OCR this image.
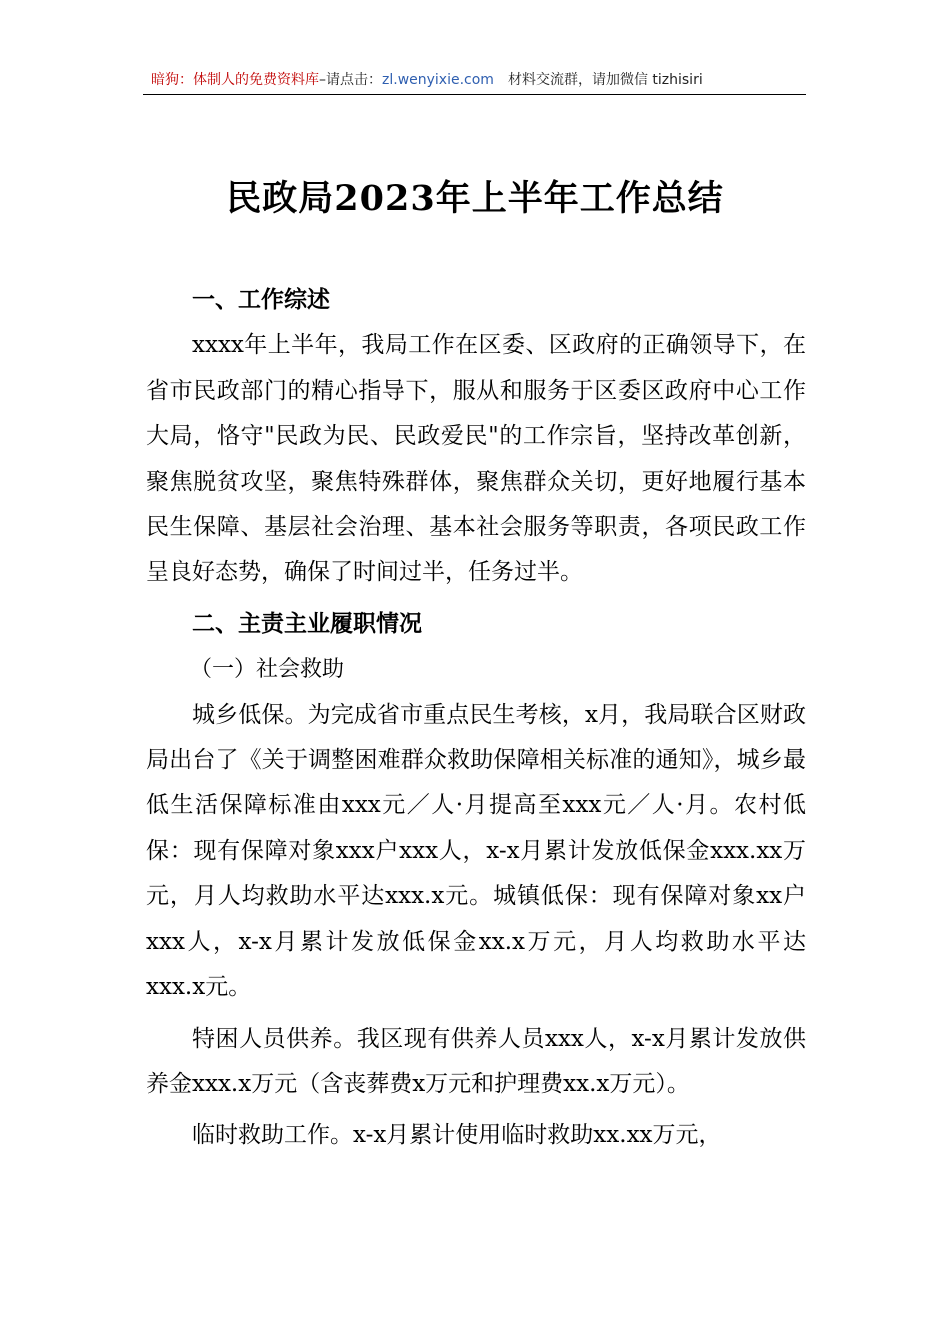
暗狗：体制人的免费资料库–请点击：zl.wenyixie.com 材料交流群，请加微信 tizhisiri
民政局2023年上半年工作总结
一、工作综述

xxxx年上半年，我局工作在区委、区政府的正确领导下，在省市民政部门的精心指导下，服从和服务于区委区政府中心工作大局，恪守"民政为民、民政爱民"的工作宗旨，坚持改革创新，聚焦脱贫攻坚，聚焦特殊群体，聚焦群众关切，更好地履行基本民生保障、基层社会治理、基本社会服务等职责，各项民政工作呈良好态势，确保了时间过半，任务过半。

二、主责主业履职情况
（一）社会救助

城乡低保。为完成省市重点民生考核，x月，我局联合区财政局出台了《关于调整困难群众救助保障相关标准的通知》，城乡最低生活保障标准由xxx元／人·月提高至xxx元／人·月。农村低保：现有保障对象xxx户xxx人，x-x月累计发放低保金xxx.xx万元，月人均救助水平达xxx.x元。城镇低保：现有保障对象xx户xxx人，x-x月累计发放低保金xx.x万元，月人均救助水平达xxx.x元。

特困人员供养。我区现有供养人员xxx人，x-x月累计发放供养金xxx.x万元（含丧葬费x万元和护理费xx.x万元）。

临时救助工作。x-x月累计使用临时救助xx.xx万元，
